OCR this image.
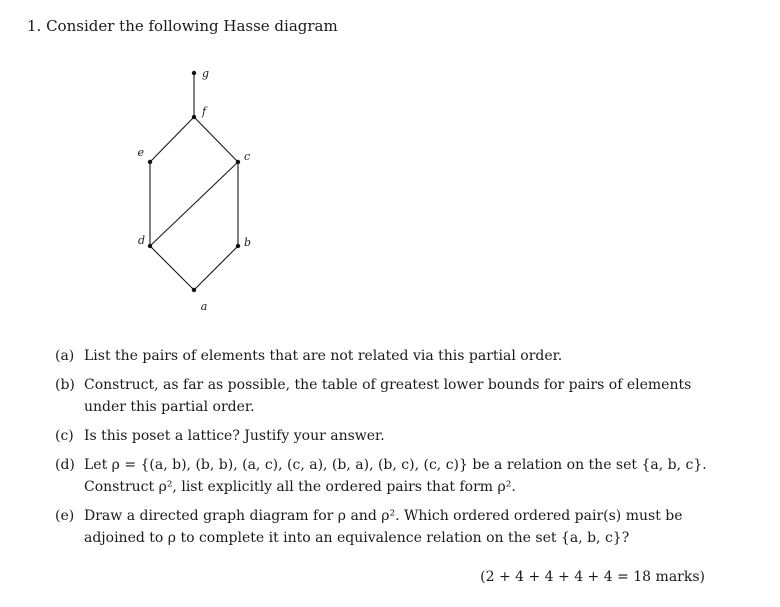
1. Consider the following Hasse diagram
g
f
e	c
d	b
a
(a) List the pairs of elements that are not related via this partial order.
(b) Construct, as far as possible, the table of greatest lower bounds for pairs of elements under this partial order.
(c) Is this poset a lattice? Justify your answer.
(d) Let ρ = {(a, b), (b, b), (a, c), (c, a), (b, a), (b, c), (c, c)} be a relation on the set {a, b, c}. Construct ρ², list explicitly all the ordered pairs that form ρ².
(e) Draw a directed graph diagram for ρ and ρ². Which ordered ordered pair(s) must be adjoined to ρ to complete it into an equivalence relation on the set {a, b, c}?
(2 + 4 + 4 + 4 + 4 = 18 marks)
